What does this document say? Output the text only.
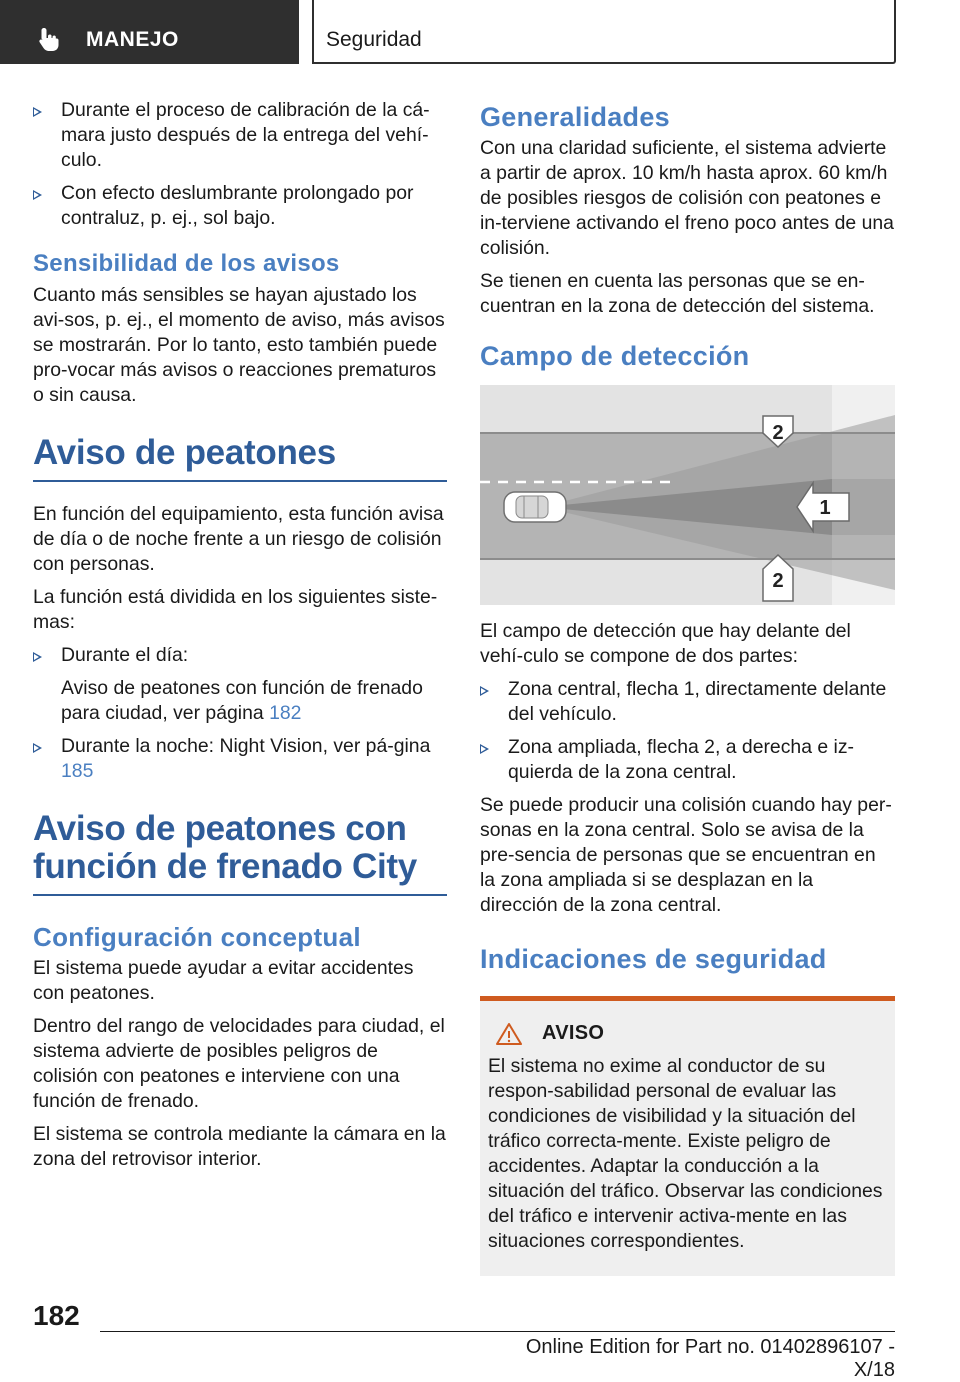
MANEJO	Seguridad
Durante el proceso de calibración de la cá-mara justo después de la entrega del vehí-culo.
Con efecto deslumbrante prolongado por contraluz, p. ej., sol bajo.
Sensibilidad de los avisos

Cuanto más sensibles se hayan ajustado los avi-sos, p. ej., el momento de aviso, más avisos se mostrarán. Por lo tanto, esto también puede pro-vocar más avisos o reacciones prematuros o sin causa.

Aviso de peatones

En función del equipamiento, esta función avisa de día o de noche frente a un riesgo de colisión con personas.

La función está dividida en los siguientes siste-mas:

Durante el día:
Aviso de peatones con función de frenado para ciudad, ver página 182
Durante la noche: Night Vision, ver pá-gina 185
Aviso de peatones con función de frenado City
Configuración conceptual

El sistema puede ayudar a evitar accidentes con peatones.

Dentro del rango de velocidades para ciudad, el sistema advierte de posibles peligros de colisión con peatones e interviene con una función de frenado.

El sistema se controla mediante la cámara en la zona del retrovisor interior.

Generalidades

Con una claridad suficiente, el sistema advierte a partir de aprox. 10 km/h hasta aprox. 60 km/h de posibles riesgos de colisión con peatones e in-terviene activando el freno poco antes de una colisión.

Se tienen en cuenta las personas que se en-cuentran en la zona de detección del sistema.

Campo de detección
2
1
2

El campo de detección que hay delante del vehí-culo se compone de dos partes:

Zona central, flecha 1, directamente delante del vehículo.
Zona ampliada, flecha 2, a derecha e iz-quierda de la zona central.

Se puede producir una colisión cuando hay per-sonas en la zona central. Solo se avisa de la pre-sencia de personas que se encuentran en la zona ampliada si se desplazan en la dirección de la zona central.

Indicaciones de seguridad
AVISO
El sistema no exime al conductor de su respon-sabilidad personal de evaluar las condiciones de visibilidad y la situación del tráfico correcta-mente. Existe peligro de accidentes. Adaptar la conducción a la situación del tráfico. Observar las condiciones del tráfico e intervenir activa-mente en las situaciones correspondientes.
182
Online Edition for Part no. 01402896107 - X/18
